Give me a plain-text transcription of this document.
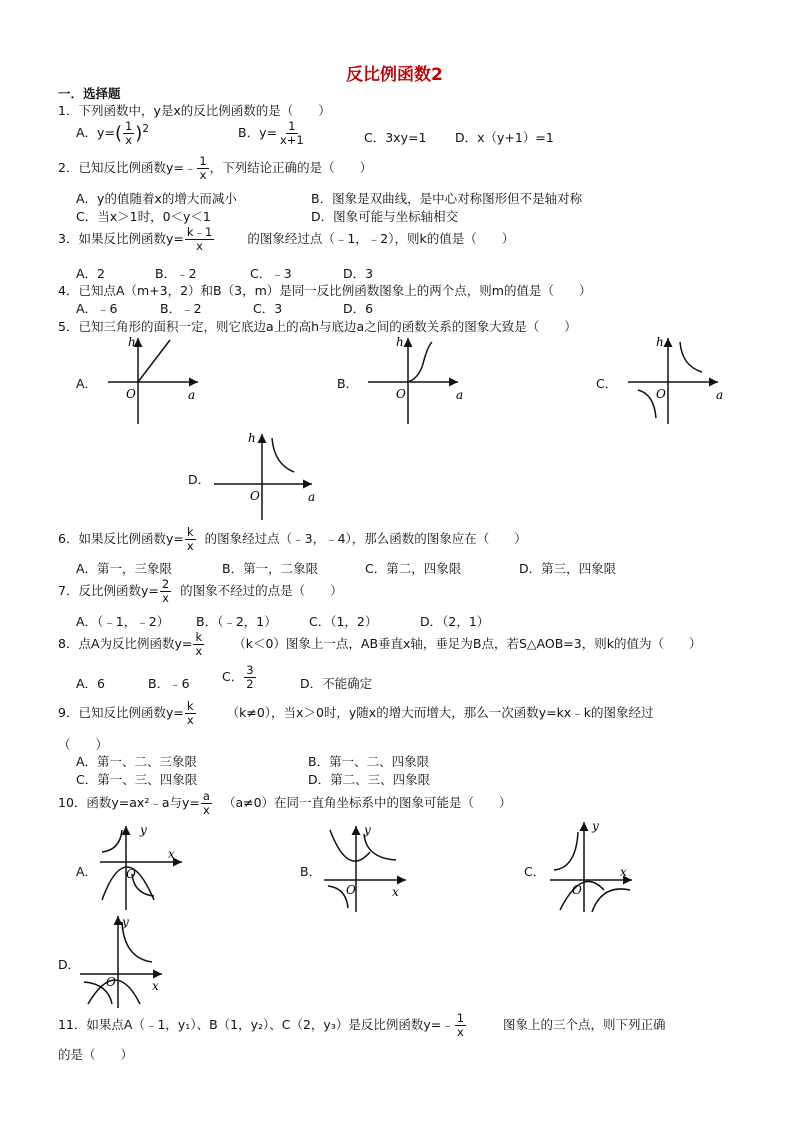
反比例函数2
一．选择题
1．下列函数中，y是x的反比例函数的是（　　）
A．$y=( \frac{1}{x} )^2$	B．$y= \frac{1}{x+1}$	C．3xy=1 D．x（y+1）=1
2．已知反比例函数y=﹣ $\frac{1}{x}$ ，下列结论正确的是（　　）
A．y的值随着x的增大而减小	B．图象是双曲线，是中心对称图形但不是轴对称
C．当x＞1时，0＜y＜1	D．图象可能与坐标轴相交
3．如果反比例函数$y= \frac{k﹣1}{x}$	的图象经过点（﹣1，﹣2），则k的值是（　　）
A．2	B．﹣2	C．﹣3	D．3
4．已知点A（m+3，2）和B（3，m）是同一反比例函数图象上的两个点，则m的值是（　　）
A．﹣6	B．﹣2	C．3	D．6
5．已知三角形的面积一定，则它底边a上的高h与底边a之间的函数关系的图象大致是（　　）
A．
h
O	a
B．
h
O	a
C．
h
O	a
D．
h
O	a
6．如果反比例函数$y= \frac{k}{x}$ 的图象经过点（﹣3，﹣4），那么函数的图象应在（　　）
A．第一，三象限	B．第一，二象限	C．第二，四象限	D．第三，四象限
7．反比例函数$y= \frac{2}{x}$ 的图象不经过的点是（　　）
A．（﹣1，﹣2） B．（﹣2，1）	C．（1，2）	D．（2，1）
8．点A为反比例函数$y= \frac{k}{x} (k<0)$图象上一点，AB垂直x轴，垂足为B点，若S△AOB=3，则k的值为（　　）
A．6	B．﹣6	C． $\frac{3}{2}$	D．不能确定
9．已知反比例函数$y= \frac{k}{x} (k\ne 0)$，当x＞0时，y随x的增大而增大，那么一次函数y=kx﹣k的图象经过
（　　）
A．第一、二、三象限	B．第一、二、四象限
C．第一、三、四象限	D．第二、三、四象限
10．函数y=ax²﹣a与$y= \frac{a}{x} (a\ne 0)$在同一直角坐标系中的图象可能是（　　）
A．
y
x
O	B．
y
x
O
C．
y
x
O
D．
y
x
O
11．如果点A（﹣1，y₁）、B（1，y₂）、C（2，y₃）是反比例函数y=﹣ $\frac{1}{x}$	图象上的三个点，则下列正确
的是（　　）
